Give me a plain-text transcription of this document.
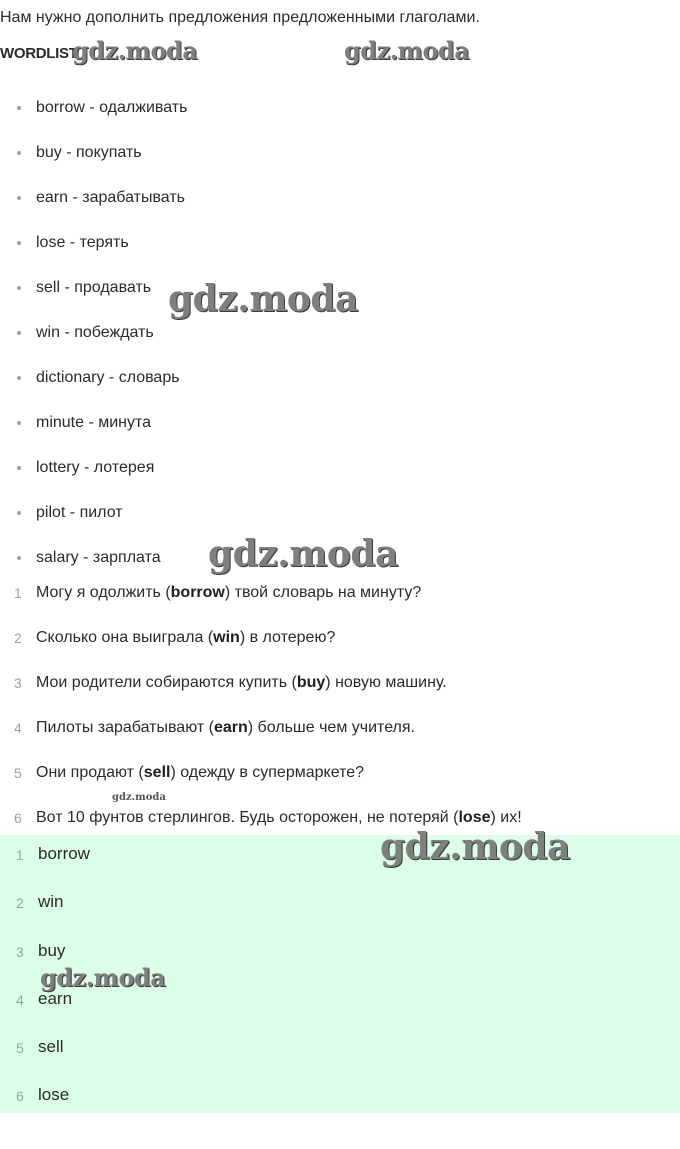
Нам нужно дополнить предложения предложенными глаголами.
WORDLIST
borrow - одалживать
buy - покупать
earn - зарабатывать
lose - терять
sell - продавать
win - побеждать
dictionary - словарь
minute - минута
lottery - лотерея
pilot - пилот
salary - зарплата
1 Могу я одолжить (borrow) твой словарь на минуту?
2 Сколько она выиграла (win) в лотерею?
3 Мои родители собираются купить (buy) новую машину.
4 Пилоты зарабатывают (earn) больше чем учителя.
5 Они продают (sell) одежду в супермаркете?
6 Вот 10 фунтов стерлингов. Будь осторожен, не потеряй (lose) их!
1 borrow
2 win
3 buy
4 earn
5 sell
6 lose
gdz.moda	gdz.moda
gdz.moda
gdz.moda
gdz.moda
gdz.moda
gdz.moda
